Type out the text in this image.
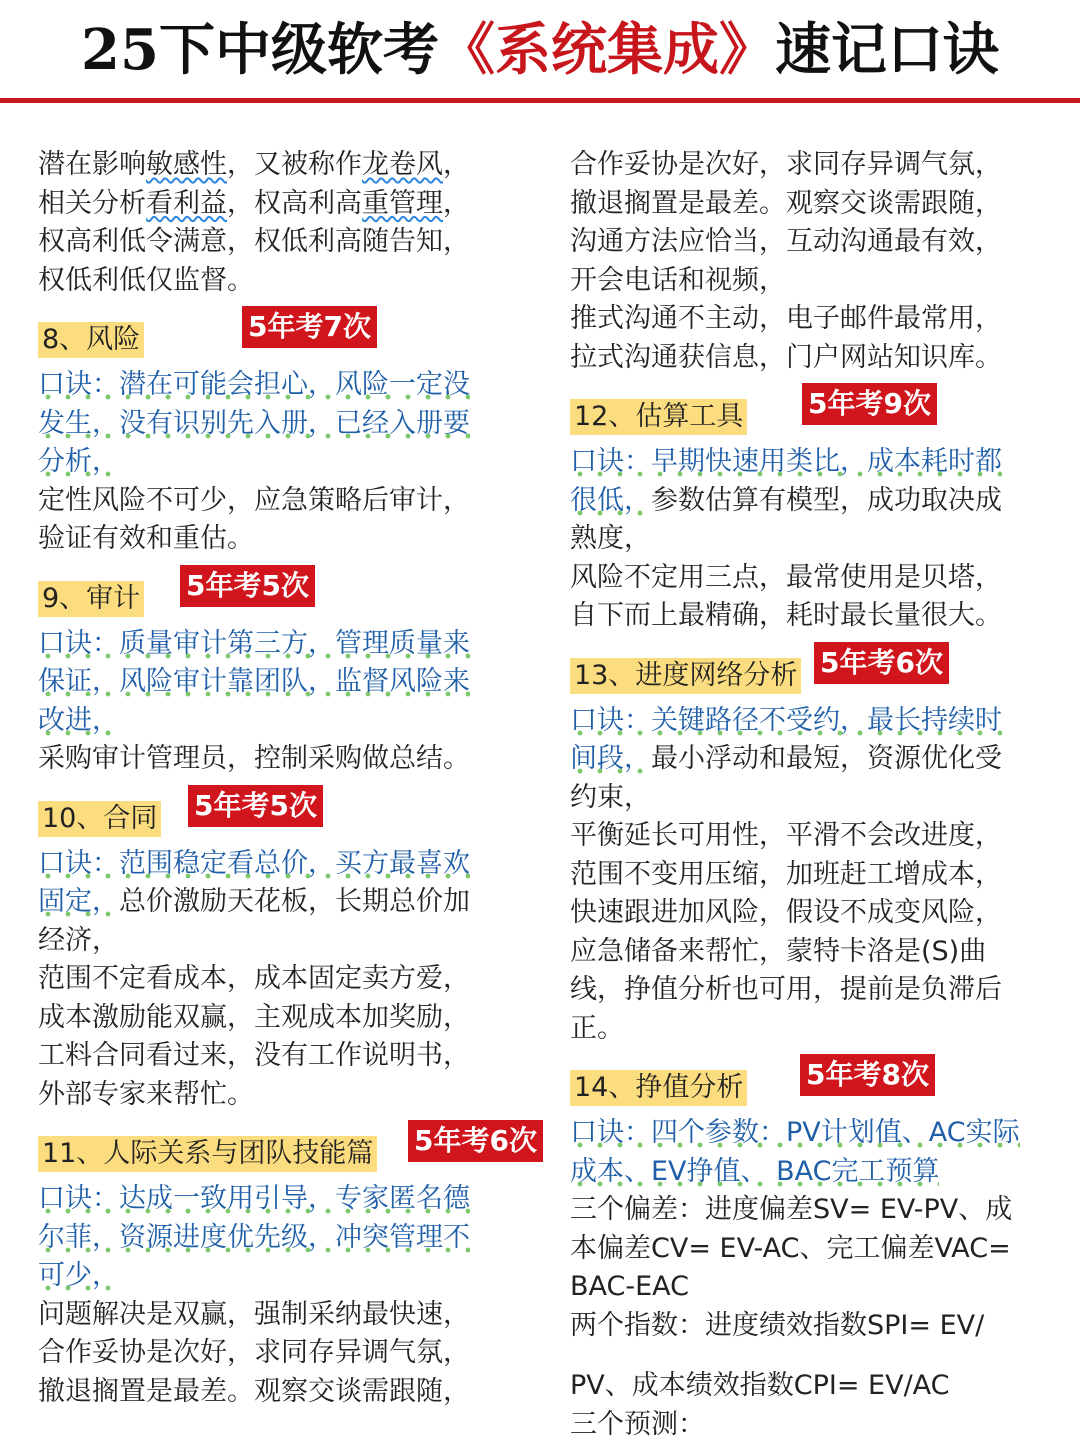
25下中级软考《系统集成》速记口诀
潜在影响敏感性，又被称作龙卷风，
相关分析看利益，权高利高重管理，
权高利低令满意，权低利高随告知，
权低利低仅监督。
8、风险	5年考7次
口诀：潜在可能会担心，风险一定没
发生，没有识别先入册，已经入册要
分析，
定性风险不可少，应急策略后审计，
验证有效和重估。
9、审计 5年考5次
口诀：质量审计第三方，管理质量来
保证，风险审计靠团队，监督风险来
改进，
采购审计管理员，控制采购做总结。
10、合同 5年考5次
口诀：范围稳定看总价，买方最喜欢
固定，总价激励天花板，长期总价加
经济，
范围不定看成本，成本固定卖方爱，
成本激励能双赢，主观成本加奖励，
工料合同看过来，没有工作说明书，
外部专家来帮忙。
11、人际关系与团队技能篇 5年考6次
口诀：达成一致用引导，专家匿名德
尔菲，资源进度优先级，冲突管理不
可少，
问题解决是双赢，强制采纳最快速，
合作妥协是次好，求同存异调气氛，
撤退搁置是最差。观察交谈需跟随，
合作妥协是次好，求同存异调气氛，
撤退搁置是最差。观察交谈需跟随，
沟通方法应恰当，互动沟通最有效，
开会电话和视频，
推式沟通不主动，电子邮件最常用，
拉式沟通获信息，门户网站知识库。
12、估算工具 5年考9次
口诀：早期快速用类比，成本耗时都
很低，参数估算有模型，成功取决成
熟度，
风险不定用三点，最常使用是贝塔，
自下而上最精确，耗时最长量很大。
13、进度网络分析 5年考6次
口诀：关键路径不受约，最长持续时
间段，最小浮动和最短，资源优化受
约束，
平衡延长可用性，平滑不会改进度，
范围不变用压缩，加班赶工增成本，
快速跟进加风险，假设不成变风险，
应急储备来帮忙，蒙特卡洛是(S)曲
线，挣值分析也可用，提前是负滞后
正。
14、挣值分析 5年考8次
口诀：四个参数：PV计划值、AC实际
成本、EV挣值、 BAC完工预算
三个偏差：进度偏差SV= EV-PV、成
本偏差CV= EV-AC、完工偏差VAC=
BAC-EAC
两个指数：进度绩效指数SPI= EV/
PV、成本绩效指数CPI= EV/AC
三个预测：
